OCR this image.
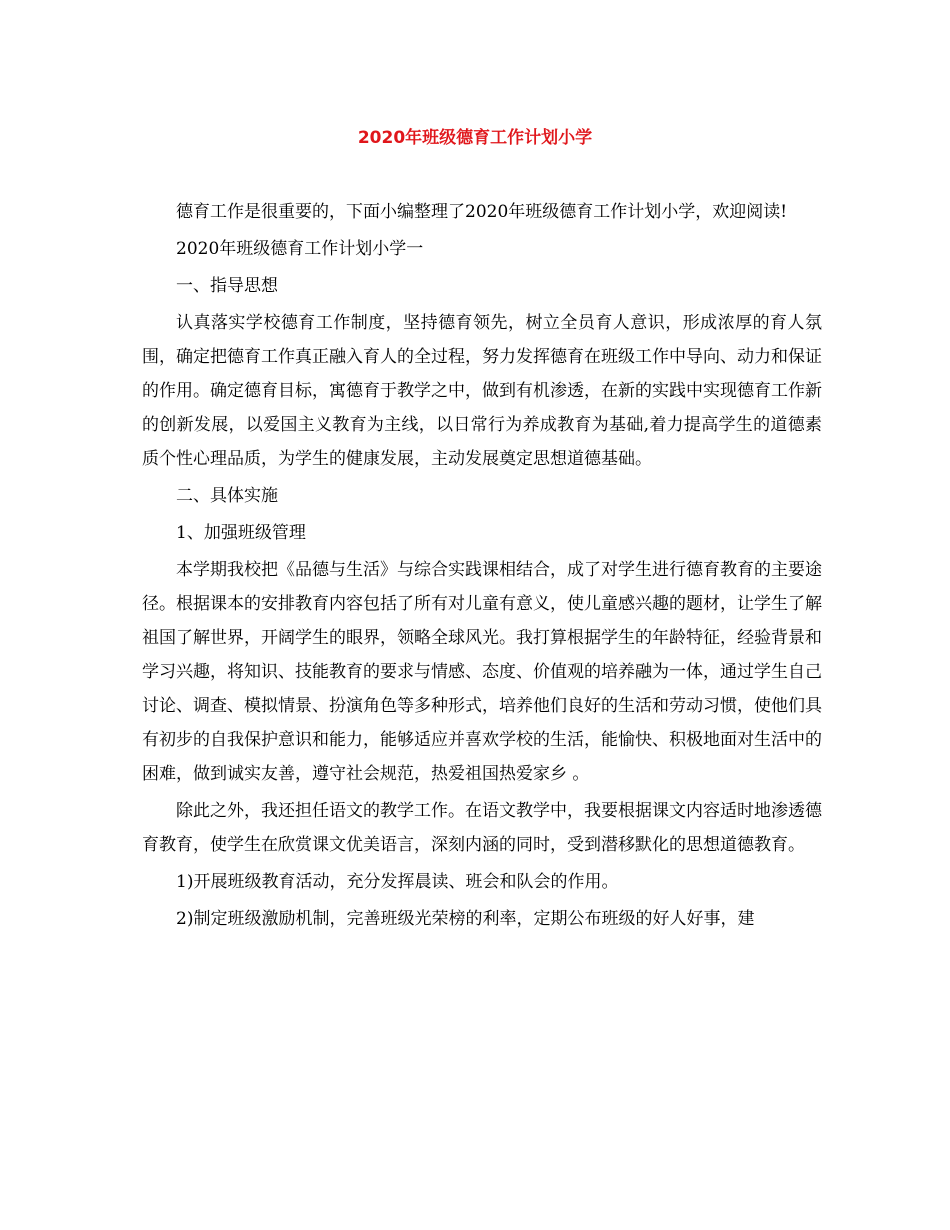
2020年班级德育工作计划小学

德育工作是很重要的，下面小编整理了2020年班级德育工作计划小学，欢迎阅读!

2020年班级德育工作计划小学一

一、指导思想

认真落实学校德育工作制度，坚持德育领先，树立全员育人意识，形成浓厚的育人氛围，确定把德育工作真正融入育人的全过程，努力发挥德育在班级工作中导向、动力和保证的作用。确定德育目标，寓德育于教学之中，做到有机渗透，在新的实践中实现德育工作新的创新发展，以爱国主义教育为主线，以日常行为养成教育为基础,着力提高学生的道德素质个性心理品质，为学生的健康发展，主动发展奠定思想道德基础。

二、具体实施

1、加强班级管理

本学期我校把《品德与生活》与综合实践课相结合，成了对学生进行德育教育的主要途径。根据课本的安排教育内容包括了所有对儿童有意义，使儿童感兴趣的题材，让学生了解祖国了解世界，开阔学生的眼界，领略全球风光。我打算根据学生的年龄特征，经验背景和学习兴趣，将知识、技能教育的要求与情感、态度、价值观的培养融为一体，通过学生自己讨论、调查、模拟情景、扮演角色等多种形式，培养他们良好的生活和劳动习惯，使他们具有初步的自我保护意识和能力，能够适应并喜欢学校的生活，能愉快、积极地面对生活中的困难，做到诚实友善，遵守社会规范，热爱祖国热爱家乡 。

除此之外，我还担任语文的教学工作。在语文教学中，我要根据课文内容适时地渗透德育教育，使学生在欣赏课文优美语言，深刻内涵的同时，受到潜移默化的思想道德教育。

1)开展班级教育活动，充分发挥晨读、班会和队会的作用。

2)制定班级激励机制，完善班级光荣榜的利率，定期公布班级的好人好事，建
